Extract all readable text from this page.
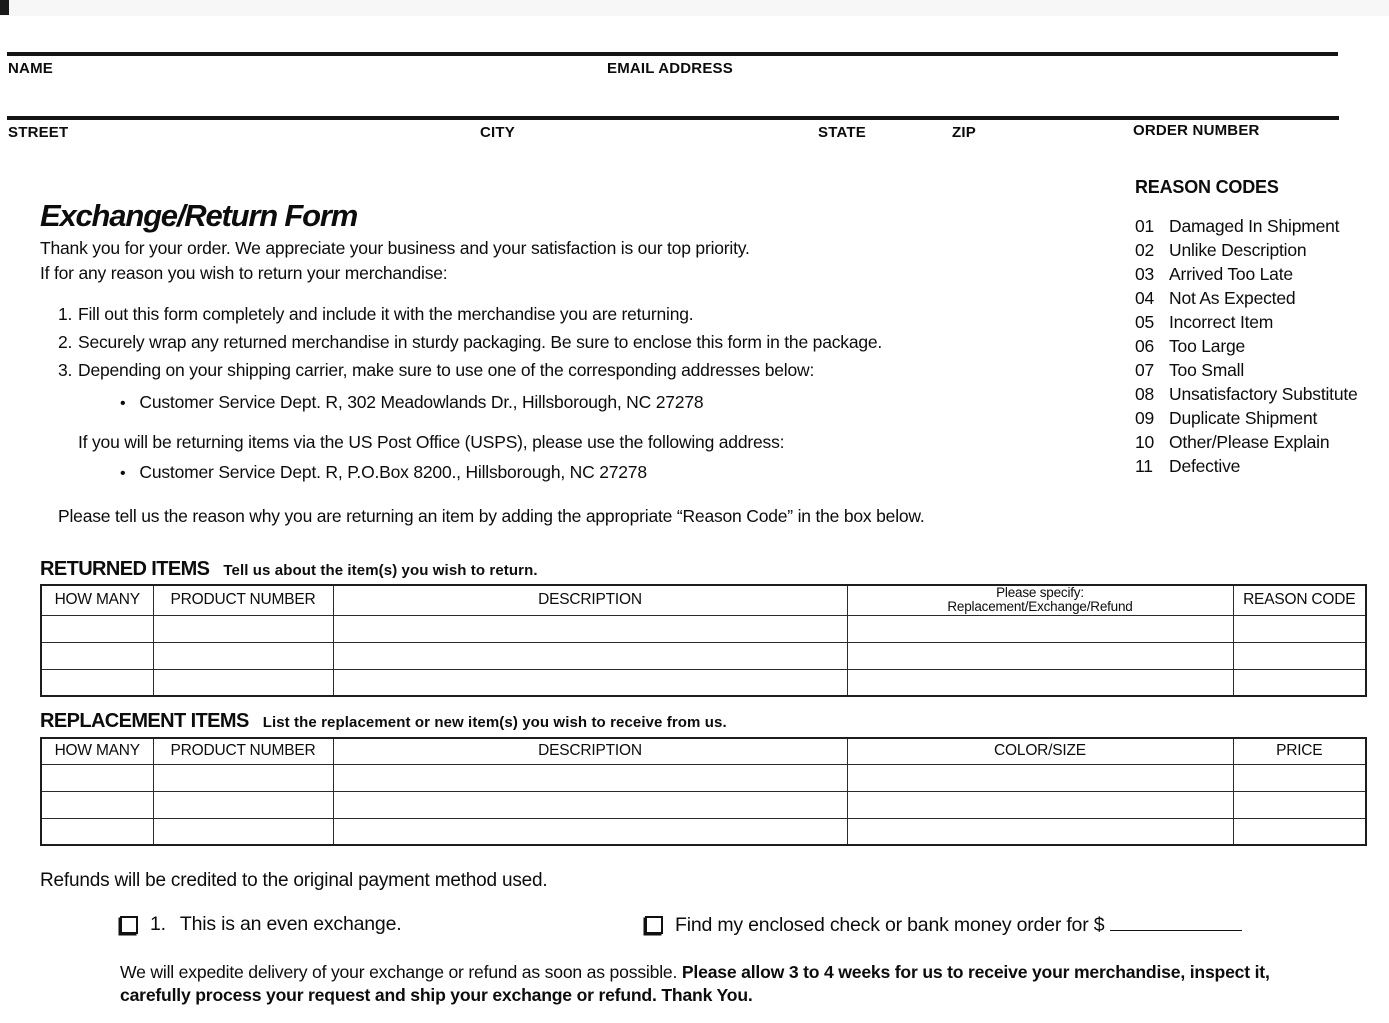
NAME	EMAIL ADDRESS
STREET	CITY	STATE	ZIP	ORDER NUMBER
REASON CODES
01 Damaged In Shipment
02 Unlike Description
03 Arrived Too Late
04 Not As Expected
05 Incorrect Item
06 Too Large
07 Too Small
08 Unsatisfactory Substitute
09 Duplicate Shipment
10 Other/Please Explain
11 Defective
Exchange/Return Form
Thank you for your order. We appreciate your business and your satisfaction is our top priority.
If for any reason you wish to return your merchandise:
1. Fill out this form completely and include it with the merchandise you are returning.
2. Securely wrap any returned merchandise in sturdy packaging. Be sure to enclose this form in the package.
3. Depending on your shipping carrier, make sure to use one of the corresponding addresses below:
• Customer Service Dept. R, 302 Meadowlands Dr., Hillsborough, NC 27278
If you will be returning items via the US Post Office (USPS), please use the following address:
• Customer Service Dept. R, P.O.Box 8200., Hillsborough, NC 27278
Please tell us the reason why you are returning an item by adding the appropriate “Reason Code” in the box below.
RETURNED ITEMS Tell us about the item(s) you wish to return.
HOW MANY	PRODUCT NUMBER	DESCRIPTION	Please specify:
Replacement/Exchange/Refund	REASON CODE

REPLACEMENT ITEMS List the replacement or new item(s) you wish to receive from us.
HOW MANY	PRODUCT NUMBER	DESCRIPTION	COLOR/SIZE	PRICE

Refunds will be credited to the original payment method used.
1. This is an even exchange.	Find my enclosed check or bank money order for $
We will expedite delivery of your exchange or refund as soon as possible. Please allow 3 to 4 weeks for us to receive your merchandise, inspect it, carefully process your request and ship your exchange or refund. Thank You.
